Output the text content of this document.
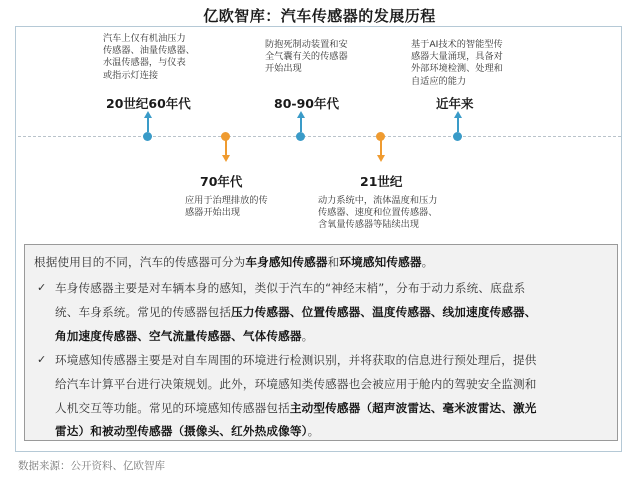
亿欧智库：汽车传感器的发展历程
汽车上仅有机油压力
传感器、油量传感器、
水温传感器，与仪表
或指示灯连接
20世纪60年代
70年代
应用于治理排放的传
感器开始出现
防抱死制动装置和安
全气囊有关的传感器
开始出现
80-90年代
21世纪
动力系统中，流体温度和压力
传感器、速度和位置传感器、
含氧量传感器等陆续出现
基于AI技术的智能型传
感器大量涌现，具备对
外部环境检测、处理和
自适应的能力
近年来
根据使用目的不同，汽车的传感器可分为车身感知传感器和环境感知传感器。
✓ 车身传感器主要是对车辆本身的感知，类似于汽车的“神经末梢”，分布于动力系统、底盘系
统、车身系统。常见的传感器包括压力传感器、位置传感器、温度传感器、线加速度传感器、
角加速度传感器、空气流量传感器、气体传感器。
✓ 环境感知传感器主要是对自车周围的环境进行检测识别，并将获取的信息进行预处理后，提供
给汽车计算平台进行决策规划。此外，环境感知类传感器也会被应用于舱内的驾驶安全监测和
人机交互等功能。常见的环境感知传感器包括主动型传感器（超声波雷达、毫米波雷达、激光
雷达）和被动型传感器（摄像头、红外热成像等）。
数据来源：公开资料、亿欧智库
